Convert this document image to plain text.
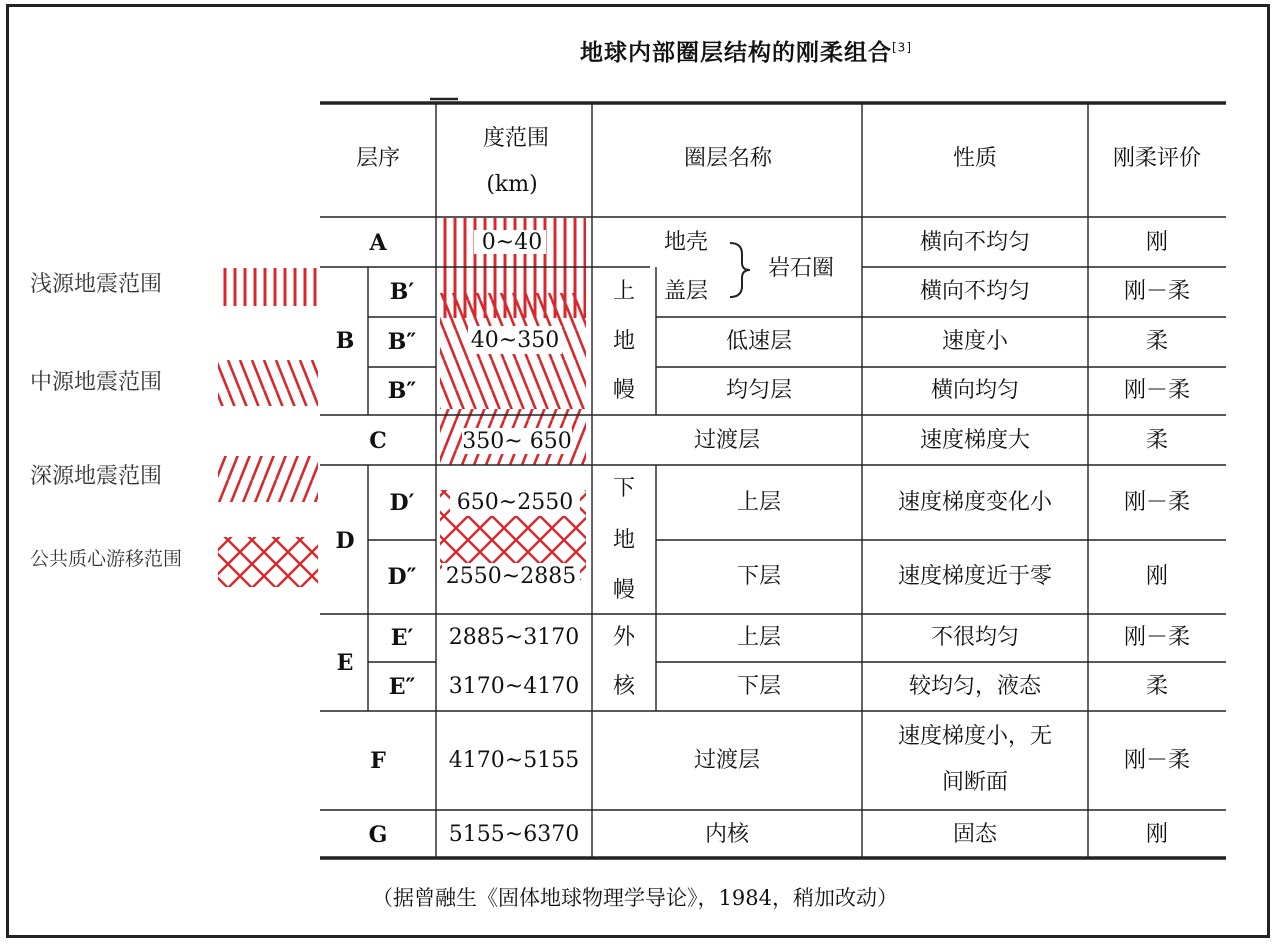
地球内部圈层结构的刚柔组合[3]
浅源地震范围
中源地震范围
深源地震范围
公共质心游移范围
层序
度范围
(km)
圈层名称	性质	刚柔评价
A
B
B′
B″
B″
C
D
D′
D″
E
E′
E″
F
G
0~40
40~350
350~ 650
650~2550
2550~2885
2885~3170
3170~4170
4170~5155
5155~6370
地壳
盖层
岩石圈
上
地
幔
低速层
均匀层
过渡层
下
地
幔
上层
下层
外
核
上层
下层
过渡层
内核
横向不均匀
横向不均匀
速度小
横向均匀
速度梯度大
速度梯度变化小
速度梯度近于零
不很均匀
较均匀，液态
速度梯度小，无
间断面
固态
刚
刚－柔
柔
刚－柔
柔
刚－柔
刚
刚－柔
柔
刚－柔
刚
（据曾融生《固体地球物理学导论》，1984，稍加改动）
